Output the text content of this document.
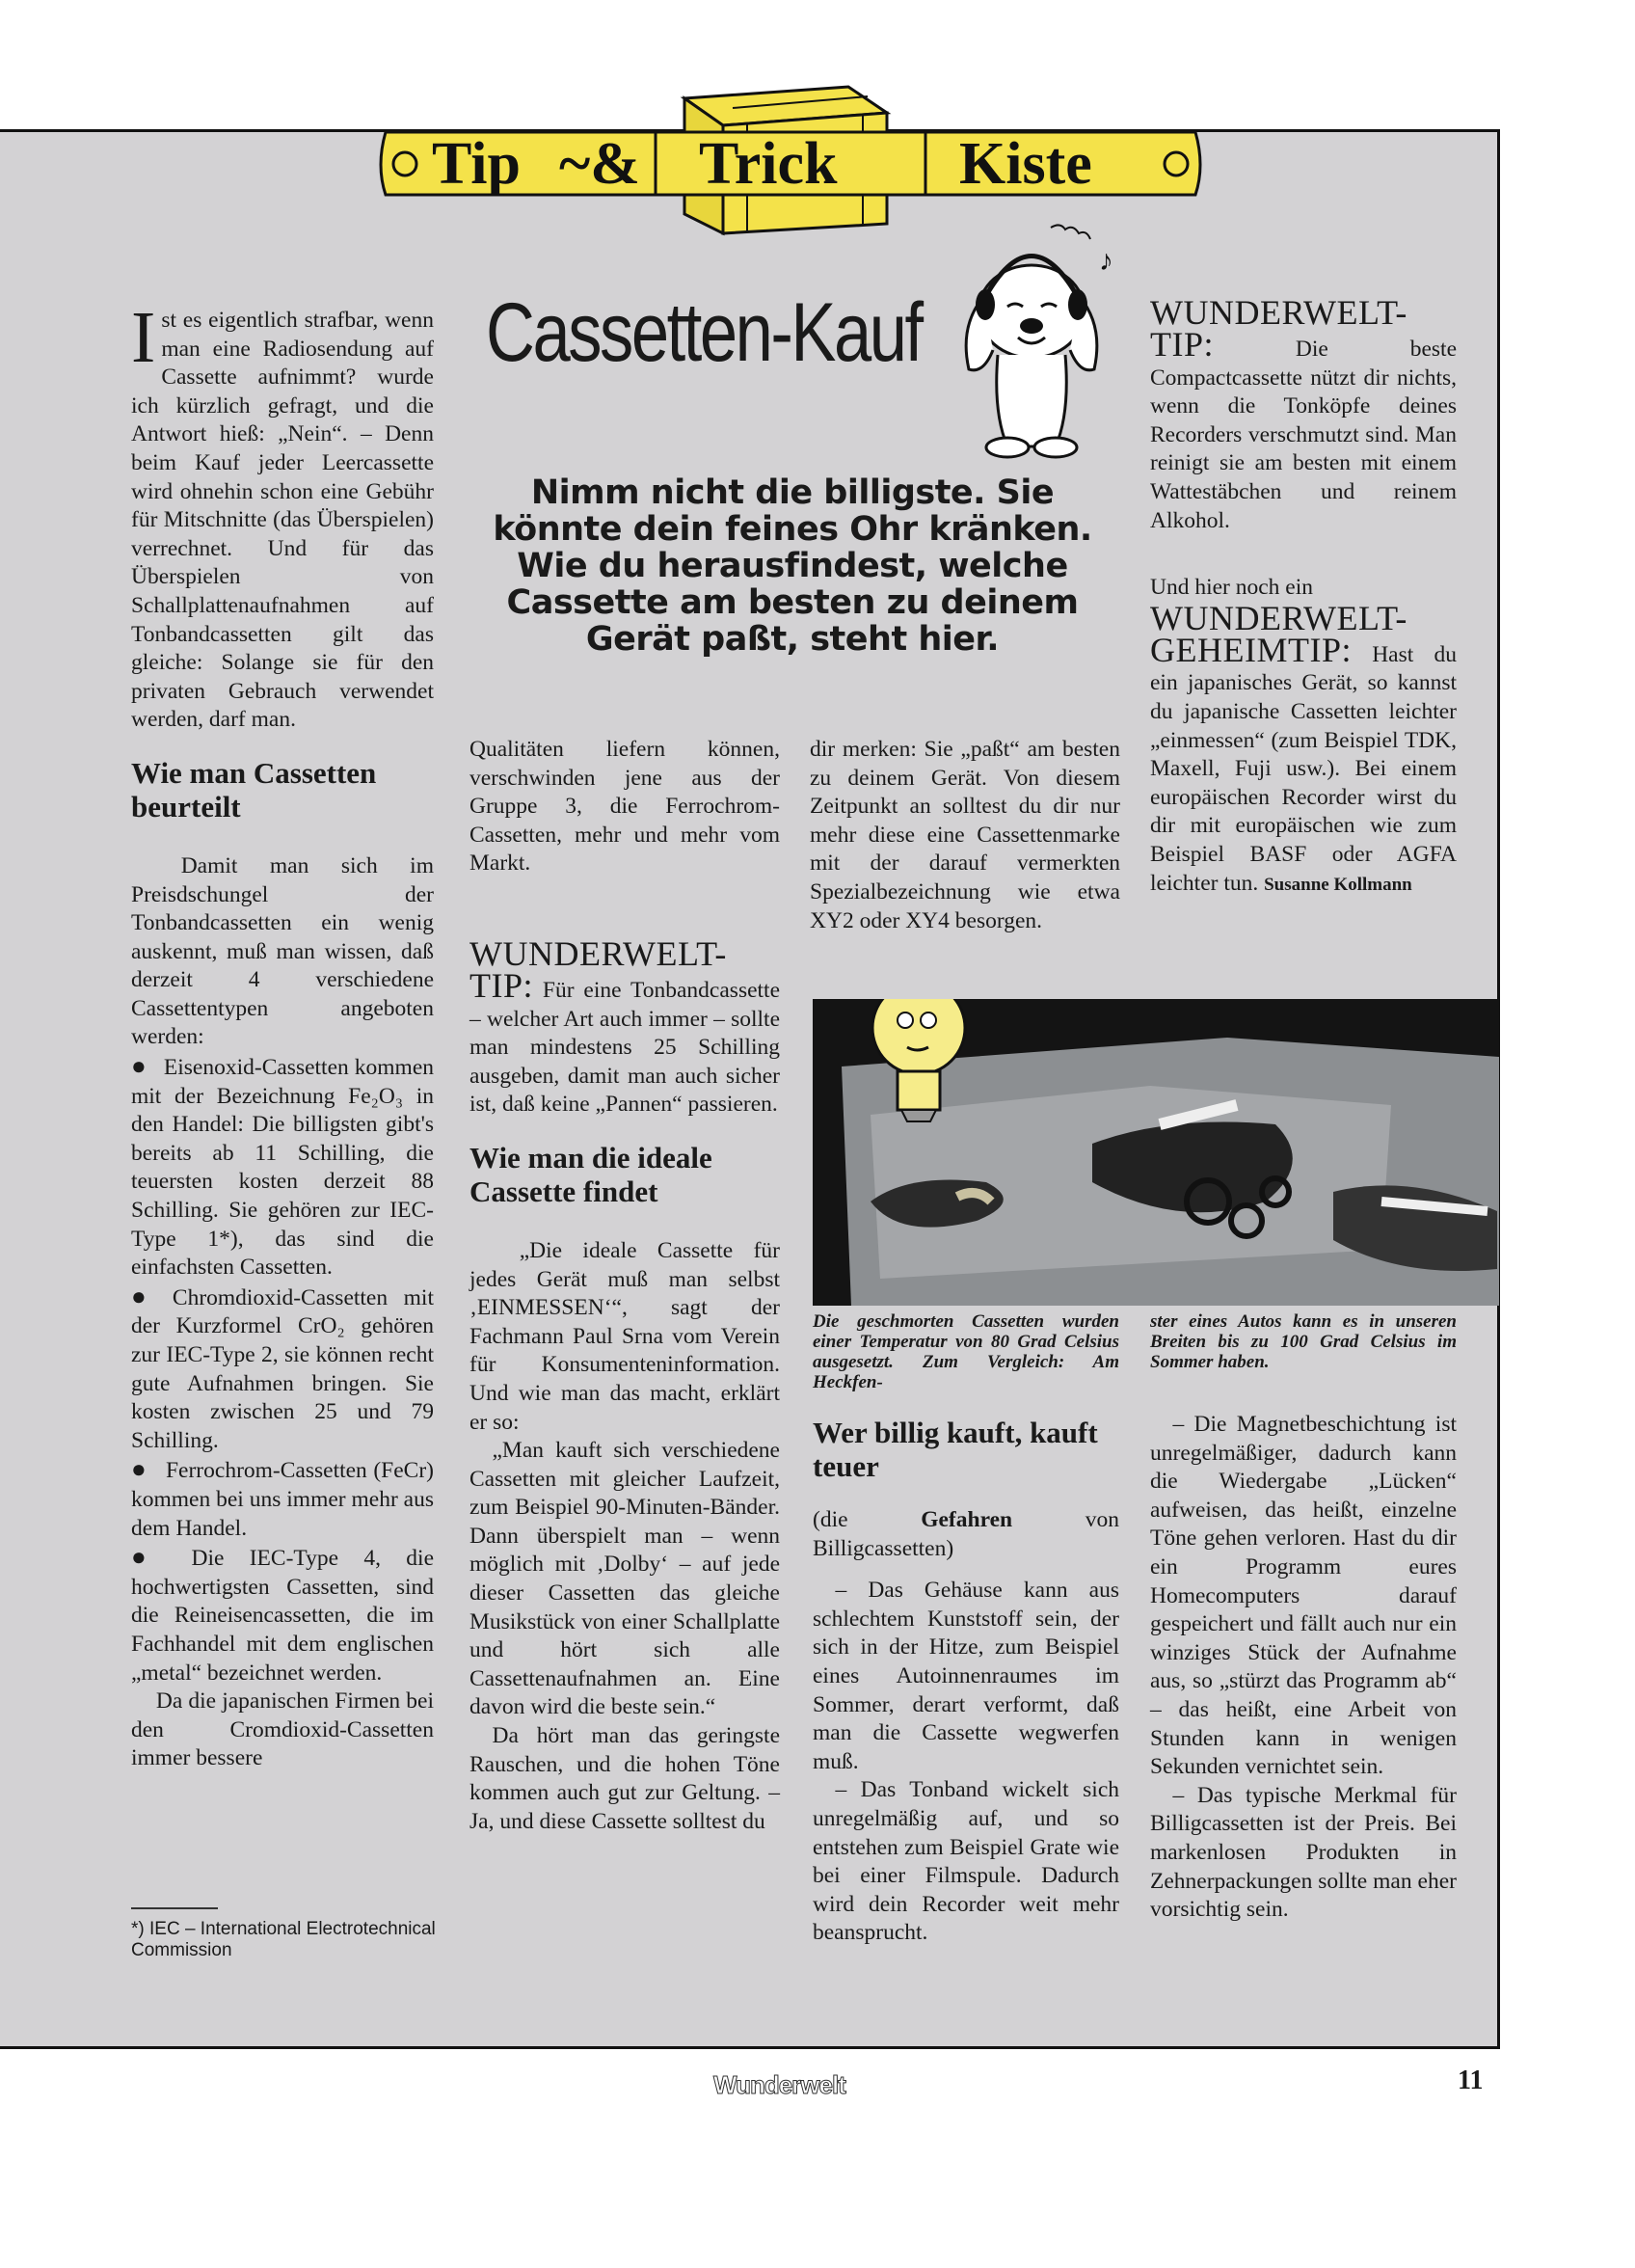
Tip ~& Trick Kiste
♪
Cassetten-Kauf
Nimm nicht die billigste. Sie könnte dein feines Ohr kränken. Wie du herausfindest, welche Cassette am besten zu deinem Gerät paßt, steht hier.

Ist es eigentlich strafbar, wenn man eine Radiosendung auf Cassette aufnimmt? wurde ich kürzlich gefragt, und die Antwort hieß: „Nein“. – Denn beim Kauf jeder Leercassette wird ohnehin schon eine Gebühr für Mitschnitte (das Überspielen) verrechnet. Und für das Überspielen von Schallplattenaufnahmen auf Tonbandcassetten gilt das gleiche: Solange sie für den privaten Gebrauch verwendet werden, darf man.

Wie man Cassetten beurteilt

Damit man sich im Preisdschungel der Tonbandcassetten ein wenig auskennt, muß man wissen, daß derzeit 4 verschiedene Cassettentypen angeboten werden:

● Eisenoxid-Cassetten kommen mit der Bezeichnung Fe₂O₃ in den Handel: Die billigsten gibt's bereits ab 11 Schilling, die teuersten kosten derzeit 88 Schilling. Sie gehören zur IEC-Type 1*), das sind die einfachsten Cassetten.

● Chromdioxid-Cassetten mit der Kurzformel CrO₂ gehören zur IEC-Type 2, sie können recht gute Aufnahmen bringen. Sie kosten zwischen 25 und 79 Schilling.

● Ferrochrom-Cassetten (FeCr) kommen bei uns immer mehr aus dem Handel.

● Die IEC-Type 4, die hochwertigsten Cassetten, sind die Reineisencassetten, die im Fachhandel mit dem englischen „metal“ bezeichnet werden.

Da die japanischen Firmen bei den Cromdioxid-Cassetten immer bessere

*) IEC – International Electrotechnical Commission

Qualitäten liefern können, verschwinden jene aus der Gruppe 3, die Ferrochrom-Cassetten, mehr und mehr vom Markt.

WUNDERWELT-

TIP: Für eine Tonbandcassette – welcher Art auch immer – sollte man mindestens 25 Schilling ausgeben, damit man auch sicher ist, daß keine „Pannen“ passieren.

Wie man die ideale Cassette findet

„Die ideale Cassette für jedes Gerät muß man selbst ‚EINMESSEN‘“, sagt der Fachmann Paul Srna vom Verein für Konsumenteninformation. Und wie man das macht, erklärt er so:

„Man kauft sich verschiedene Cassetten mit gleicher Laufzeit, zum Beispiel 90-Minuten-Bänder. Dann überspielt man – wenn möglich mit ‚Dolby‘ – auf jede dieser Cassetten das gleiche Musikstück von einer Schallplatte und hört sich alle Cassettenaufnahmen an. Eine davon wird die beste sein.“

Da hört man das geringste Rauschen, und die hohen Töne kommen auch gut zur Geltung. – Ja, und diese Cassette solltest du

dir merken: Sie „paßt“ am besten zu deinem Gerät. Von diesem Zeitpunkt an solltest du dir nur mehr diese eine Cassettenmarke mit der darauf vermerkten Spezialbezeichnung wie etwa XY2 oder XY4 besorgen.

Die geschmorten Cassetten wurden einer Temperatur von 80 Grad Celsius ausgesetzt. Zum Vergleich: Am Heckfen-

Wer billig kauft, kauft teuer

(die	Gefahren	von Billigcassetten)

– Das Gehäuse kann aus schlechtem Kunststoff sein, der sich in der Hitze, zum Beispiel eines Autoinnenraumes im Sommer, derart verformt, daß man die Cassette wegwerfen muß.

– Das Tonband wickelt sich unregelmäßig auf, und so entstehen zum Beispiel Grate wie bei einer Filmspule. Dadurch wird dein Recorder weit mehr beansprucht.

WUNDERWELT-

TIP:	Die beste Compactcassette nützt dir nichts, wenn die Tonköpfe deines Recorders verschmutzt sind. Man reinigt sie am besten mit einem Wattestäbchen und reinem Alkohol.

Und hier noch ein

WUNDERWELT-

GEHEIMTIP: Hast du ein japanisches Gerät, so kannst du japanische Cassetten leichter „einmessen“ (zum Beispiel TDK, Maxell, Fuji usw.). Bei einem europäischen Recorder wirst du dir mit europäischen wie zum Beispiel BASF oder AGFA leichter tun. Susanne Kollmann

ster eines Autos kann es in unseren Breiten bis zu 100 Grad Celsius im Sommer haben.

– Die Magnetbeschichtung ist unregelmäßiger, dadurch kann die Wiedergabe „Lücken“ aufweisen, das heißt, einzelne Töne gehen verloren. Hast du dir ein Programm eures Homecomputers darauf gespeichert und fällt auch nur ein winziges Stück der Aufnahme aus, so „stürzt das Programm ab“ – das heißt, eine Arbeit von Stunden kann in wenigen Sekunden vernichtet sein.

– Das typische Merkmal für Billigcassetten ist der Preis. Bei markenlosen Produkten in Zehnerpackungen sollte man eher vorsichtig sein.

Wunderwelt	11
